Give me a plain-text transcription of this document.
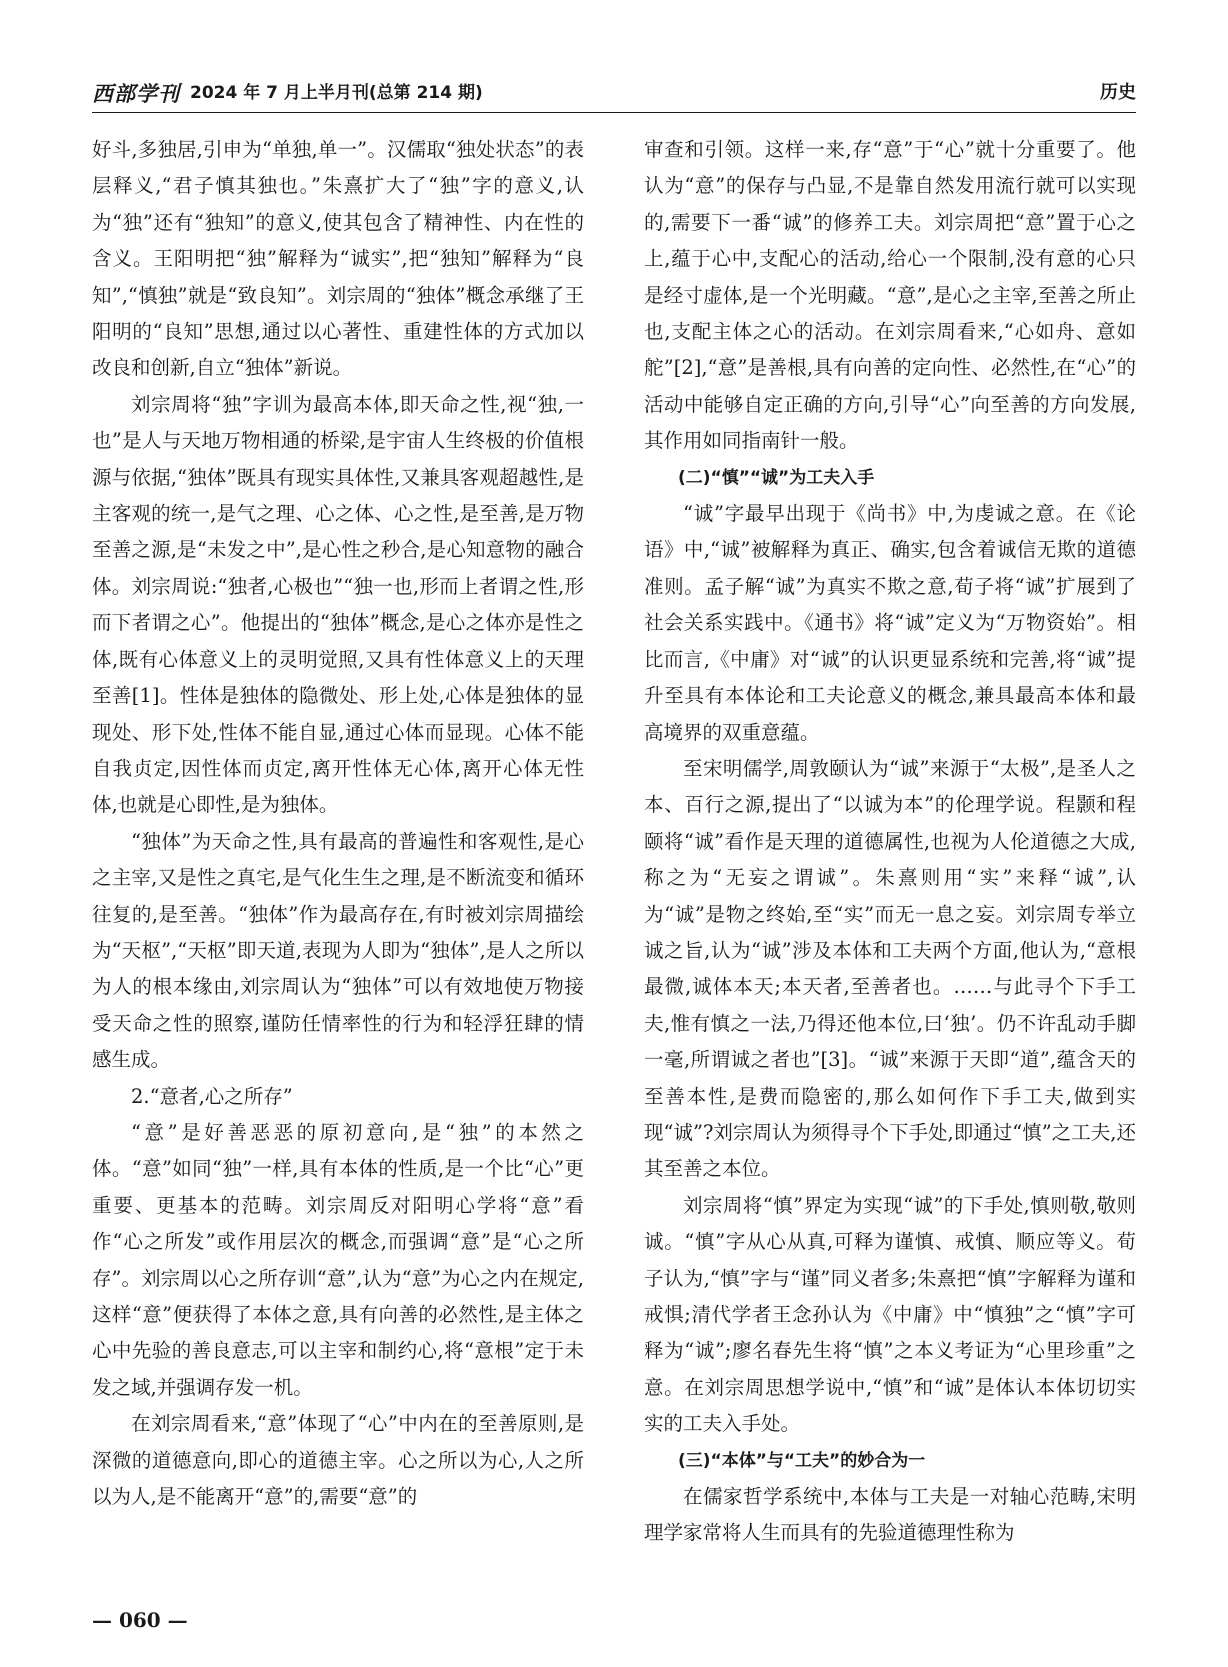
西部学刊 2024 年 7 月上半月刊(总第 214 期)	历史

好斗,多独居,引申为“单独,单一”。汉儒取“独处状态”的表层释义,“君子慎其独也。”朱熹扩大了“独”字的意义,认为“独”还有“独知”的意义,使其包含了精神性、内在性的含义。王阳明把“独”解释为“诚实”,把“独知”解释为“良知”,“慎独”就是“致良知”。刘宗周的“独体”概念承继了王阳明的“良知”思想,通过以心著性、重建性体的方式加以改良和创新,自立“独体”新说。

刘宗周将“独”字训为最高本体,即天命之性,视“独,一也”是人与天地万物相通的桥梁,是宇宙人生终极的价值根源与依据,“独体”既具有现实具体性,又兼具客观超越性,是主客观的统一,是气之理、心之体、心之性,是至善,是万物至善之源,是“未发之中”,是心性之秒合,是心知意物的融合体。刘宗周说:“独者,心极也”“独一也,形而上者谓之性,形而下者谓之心”。他提出的“独体”概念,是心之体亦是性之体,既有心体意义上的灵明觉照,又具有性体意义上的天理至善[1]。性体是独体的隐微处、形上处,心体是独体的显现处、形下处,性体不能自显,通过心体而显现。心体不能自我贞定,因性体而贞定,离开性体无心体,离开心体无性体,也就是心即性,是为独体。

“独体”为天命之性,具有最高的普遍性和客观性,是心之主宰,又是性之真宅,是气化生生之理,是不断流变和循环往复的,是至善。“独体”作为最高存在,有时被刘宗周描绘为“天枢”,“天枢”即天道,表现为人即为“独体”,是人之所以为人的根本缘由,刘宗周认为“独体”可以有效地使万物接受天命之性的照察,谨防任情率性的行为和轻浮狂肆的情感生成。

2.“意者,心之所存”

“意”是好善恶恶的原初意向,是“独”的本然之体。“意”如同“独”一样,具有本体的性质,是一个比“心”更重要、更基本的范畴。刘宗周反对阳明心学将“意”看作“心之所发”或作用层次的概念,而强调“意”是“心之所存”。刘宗周以心之所存训“意”,认为“意”为心之内在规定,这样“意”便获得了本体之意,具有向善的必然性,是主体之心中先验的善良意志,可以主宰和制约心,将“意根”定于未发之域,并强调存发一机。

在刘宗周看来,“意”体现了“心”中内在的至善原则,是深微的道德意向,即心的道德主宰。心之所以为心,人之所以为人,是不能离开“意”的,需要“意”的

审查和引领。这样一来,存“意”于“心”就十分重要了。他认为“意”的保存与凸显,不是靠自然发用流行就可以实现的,需要下一番“诚”的修养工夫。刘宗周把“意”置于心之上,蕴于心中,支配心的活动,给心一个限制,没有意的心只是经寸虚体,是一个光明藏。“意”,是心之主宰,至善之所止也,支配主体之心的活动。在刘宗周看来,“心如舟、意如舵”[2],“意”是善根,具有向善的定向性、必然性,在“心”的活动中能够自定正确的方向,引导“心”向至善的方向发展,其作用如同指南针一般。

(二)“慎”“诚”为工夫入手

“诚”字最早出现于《尚书》中,为虔诚之意。在《论语》中,“诚”被解释为真正、确实,包含着诚信无欺的道德准则。孟子解“诚”为真实不欺之意,荀子将“诚”扩展到了社会关系实践中。《通书》将“诚”定义为“万物资始”。相比而言,《中庸》对“诚”的认识更显系统和完善,将“诚”提升至具有本体论和工夫论意义的概念,兼具最高本体和最高境界的双重意蕴。

至宋明儒学,周敦颐认为“诚”来源于“太极”,是圣人之本、百行之源,提出了“以诚为本”的伦理学说。程颢和程颐将“诚”看作是天理的道德属性,也视为人伦道德之大成,称之为“无妄之谓诚”。朱熹则用“实”来释“诚”,认为“诚”是物之终始,至“实”而无一息之妄。刘宗周专举立诚之旨,认为“诚”涉及本体和工夫两个方面,他认为,“意根最微,诚体本天;本天者,至善者也。……与此寻个下手工夫,惟有慎之一法,乃得还他本位,曰‘独’。仍不许乱动手脚一毫,所谓诚之者也”[3]。“诚”来源于天即“道”,蕴含天的至善本性,是费而隐密的,那么如何作下手工夫,做到实现“诚”?刘宗周认为须得寻个下手处,即通过“慎”之工夫,还其至善之本位。

刘宗周将“慎”界定为实现“诚”的下手处,慎则敬,敬则诚。“慎”字从心从真,可释为谨慎、戒慎、顺应等义。荀子认为,“慎”字与“谨”同义者多;朱熹把“慎”字解释为谨和戒惧;清代学者王念孙认为《中庸》中“慎独”之“慎”字可释为“诚”;廖名春先生将“慎”之本义考证为“心里珍重”之意。在刘宗周思想学说中,“慎”和“诚”是体认本体切切实实的工夫入手处。

(三)“本体”与“工夫”的妙合为一

在儒家哲学系统中,本体与工夫是一对轴心范畴,宋明理学家常将人生而具有的先验道德理性称为

— 060 —
